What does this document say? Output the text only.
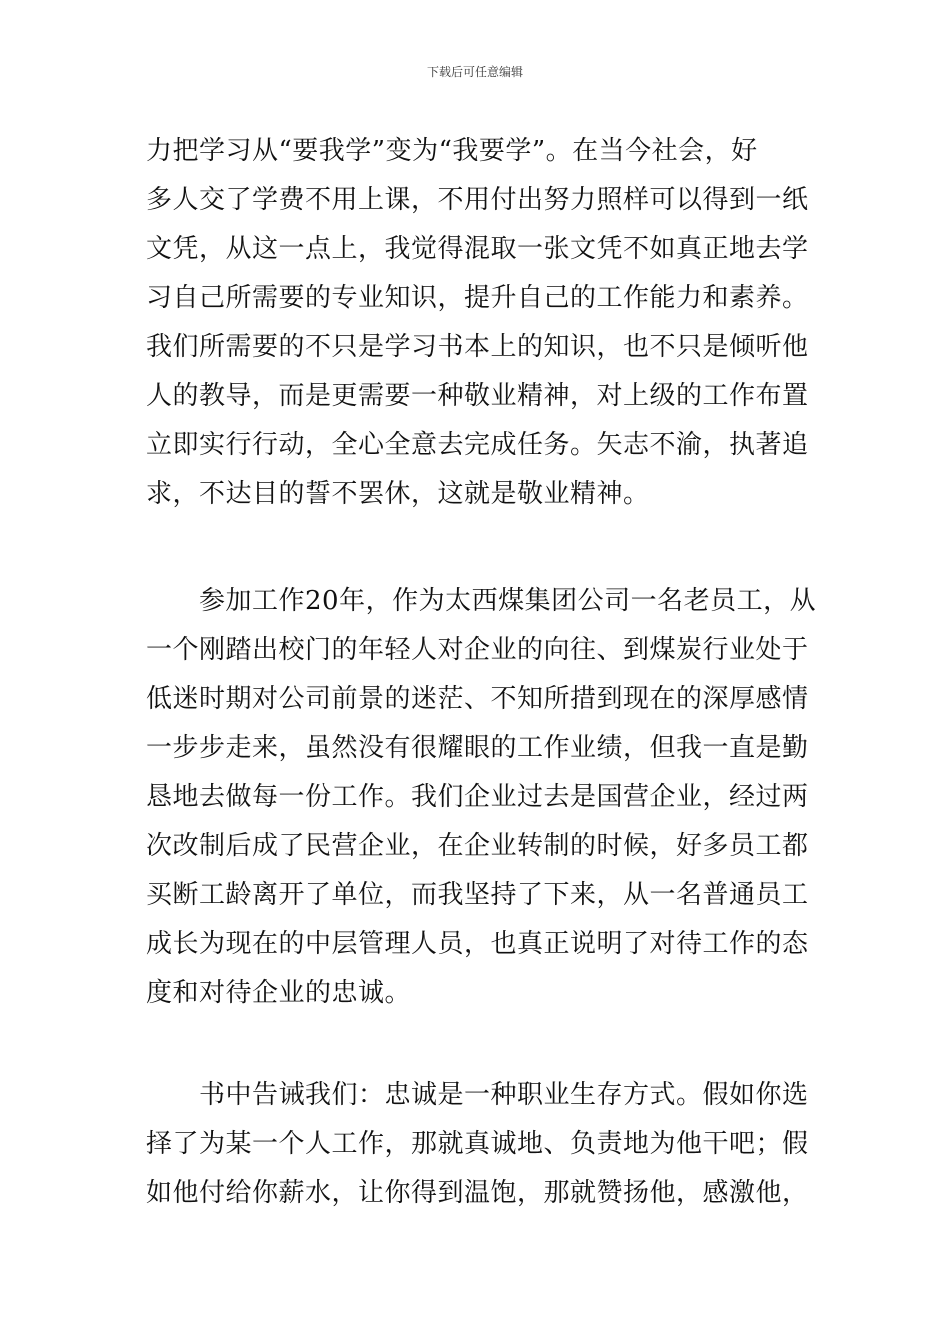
下载后可任意编辑
力把学习从“要我学”变为“我要学”。在当今社会，好
多人交了学费不用上课，不用付出努力照样可以得到一纸
文凭，从这一点上，我觉得混取一张文凭不如真正地去学
习自己所需要的专业知识，提升自己的工作能力和素养。
我们所需要的不只是学习书本上的知识，也不只是倾听他
人的教导，而是更需要一种敬业精神，对上级的工作布置
立即实行行动，全心全意去完成任务。矢志不渝，执著追
求，不达目的誓不罢休，这就是敬业精神。
　　参加工作20年，作为太西煤集团公司一名老员工，从
一个刚踏出校门的年轻人对企业的向往、到煤炭行业处于
低迷时期对公司前景的迷茫、不知所措到现在的深厚感情
一步步走来，虽然没有很耀眼的工作业绩，但我一直是勤
恳地去做每一份工作。我们企业过去是国营企业，经过两
次改制后成了民营企业，在企业转制的时候，好多员工都
买断工龄离开了单位，而我坚持了下来，从一名普通员工
成长为现在的中层管理人员，也真正说明了对待工作的态
度和对待企业的忠诚。
　　书中告诫我们：忠诚是一种职业生存方式。假如你选
择了为某一个人工作，那就真诚地、负责地为他干吧；假
如他付给你薪水，让你得到温饱，那就赞扬他，感激他，
